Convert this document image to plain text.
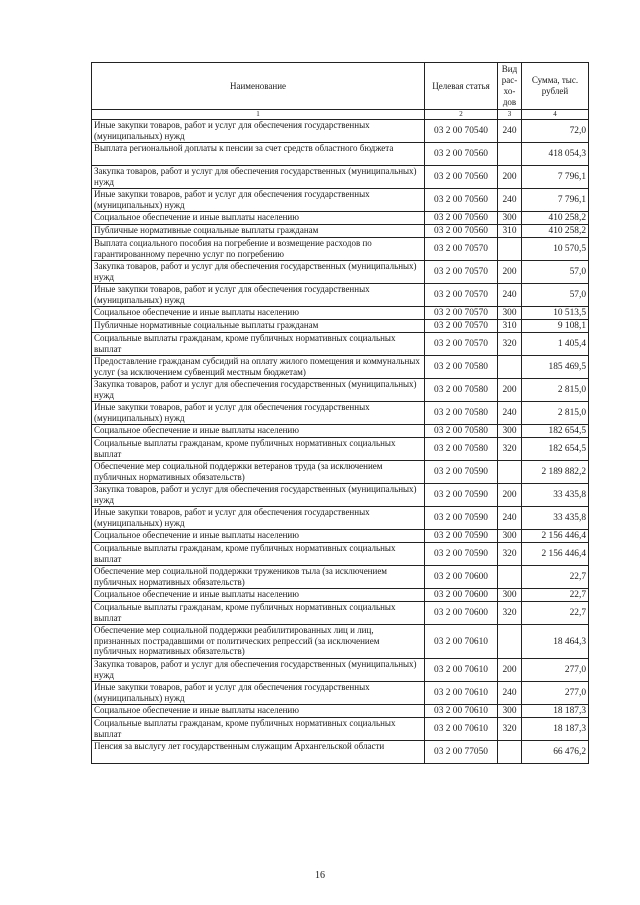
Наименование	Целевая статья	Вид рас-хо-дов	Сумма, тыс. рублей
1	2	3	4
Иные закупки товаров, работ и услуг для обеспечения государственных (муниципальных) нужд	03 2 00 70540	240	72,0
Выплата региональной доплаты к пенсии за счет средств областного бюджета	03 2 00 70560		418 054,3
Закупка товаров, работ и услуг для обеспечения государственных (муниципальных) нужд	03 2 00 70560	200	7 796,1
Иные закупки товаров, работ и услуг для обеспечения государственных (муниципальных) нужд	03 2 00 70560	240	7 796,1
Социальное обеспечение и иные выплаты населению	03 2 00 70560	300	410 258,2
Публичные нормативные социальные выплаты гражданам	03 2 00 70560	310	410 258,2
Выплата социального пособия на погребение и возмещение расходов по гарантированному перечню услуг по погребению	03 2 00 70570		10 570,5
Закупка товаров, работ и услуг для обеспечения государственных (муниципальных) нужд	03 2 00 70570	200	57,0
Иные закупки товаров, работ и услуг для обеспечения государственных (муниципальных) нужд	03 2 00 70570	240	57,0
Социальное обеспечение и иные выплаты населению	03 2 00 70570	300	10 513,5
Публичные нормативные социальные выплаты гражданам	03 2 00 70570	310	9 108,1
Социальные выплаты гражданам, кроме публичных нормативных социальных выплат	03 2 00 70570	320	1 405,4
Предоставление гражданам субсидий на оплату жилого помещения и коммунальных услуг (за исключением субвенций местным бюджетам)	03 2 00 70580		185 469,5
Закупка товаров, работ и услуг для обеспечения государственных (муниципальных) нужд	03 2 00 70580	200	2 815,0
Иные закупки товаров, работ и услуг для обеспечения государственных (муниципальных) нужд	03 2 00 70580	240	2 815,0
Социальное обеспечение и иные выплаты населению	03 2 00 70580	300	182 654,5
Социальные выплаты гражданам, кроме публичных нормативных социальных выплат	03 2 00 70580	320	182 654,5
Обеспечение мер социальной поддержки ветеранов труда (за исключением публичных нормативных обязательств)	03 2 00 70590		2 189 882,2
Закупка товаров, работ и услуг для обеспечения государственных (муниципальных) нужд	03 2 00 70590	200	33 435,8
Иные закупки товаров, работ и услуг для обеспечения государственных (муниципальных) нужд	03 2 00 70590	240	33 435,8
Социальное обеспечение и иные выплаты населению	03 2 00 70590	300	2 156 446,4
Социальные выплаты гражданам, кроме публичных нормативных социальных выплат	03 2 00 70590	320	2 156 446,4
Обеспечение мер социальной поддержки тружеников тыла (за исключением публичных нормативных обязательств)	03 2 00 70600		22,7
Социальное обеспечение и иные выплаты населению	03 2 00 70600	300	22,7
Социальные выплаты гражданам, кроме публичных нормативных социальных выплат	03 2 00 70600	320	22,7
Обеспечение мер социальной поддержки реабилитированных лиц и лиц, признанных пострадавшими от политических репрессий (за исключением публичных нормативных обязательств)	03 2 00 70610		18 464,3
Закупка товаров, работ и услуг для обеспечения государственных (муниципальных) нужд	03 2 00 70610	200	277,0
Иные закупки товаров, работ и услуг для обеспечения государственных (муниципальных) нужд	03 2 00 70610	240	277,0
Социальное обеспечение и иные выплаты населению	03 2 00 70610	300	18 187,3
Социальные выплаты гражданам, кроме публичных нормативных социальных выплат	03 2 00 70610	320	18 187,3
Пенсия за выслугу лет государственным служащим Архангельской области	03 2 00 77050		66 476,2
16
